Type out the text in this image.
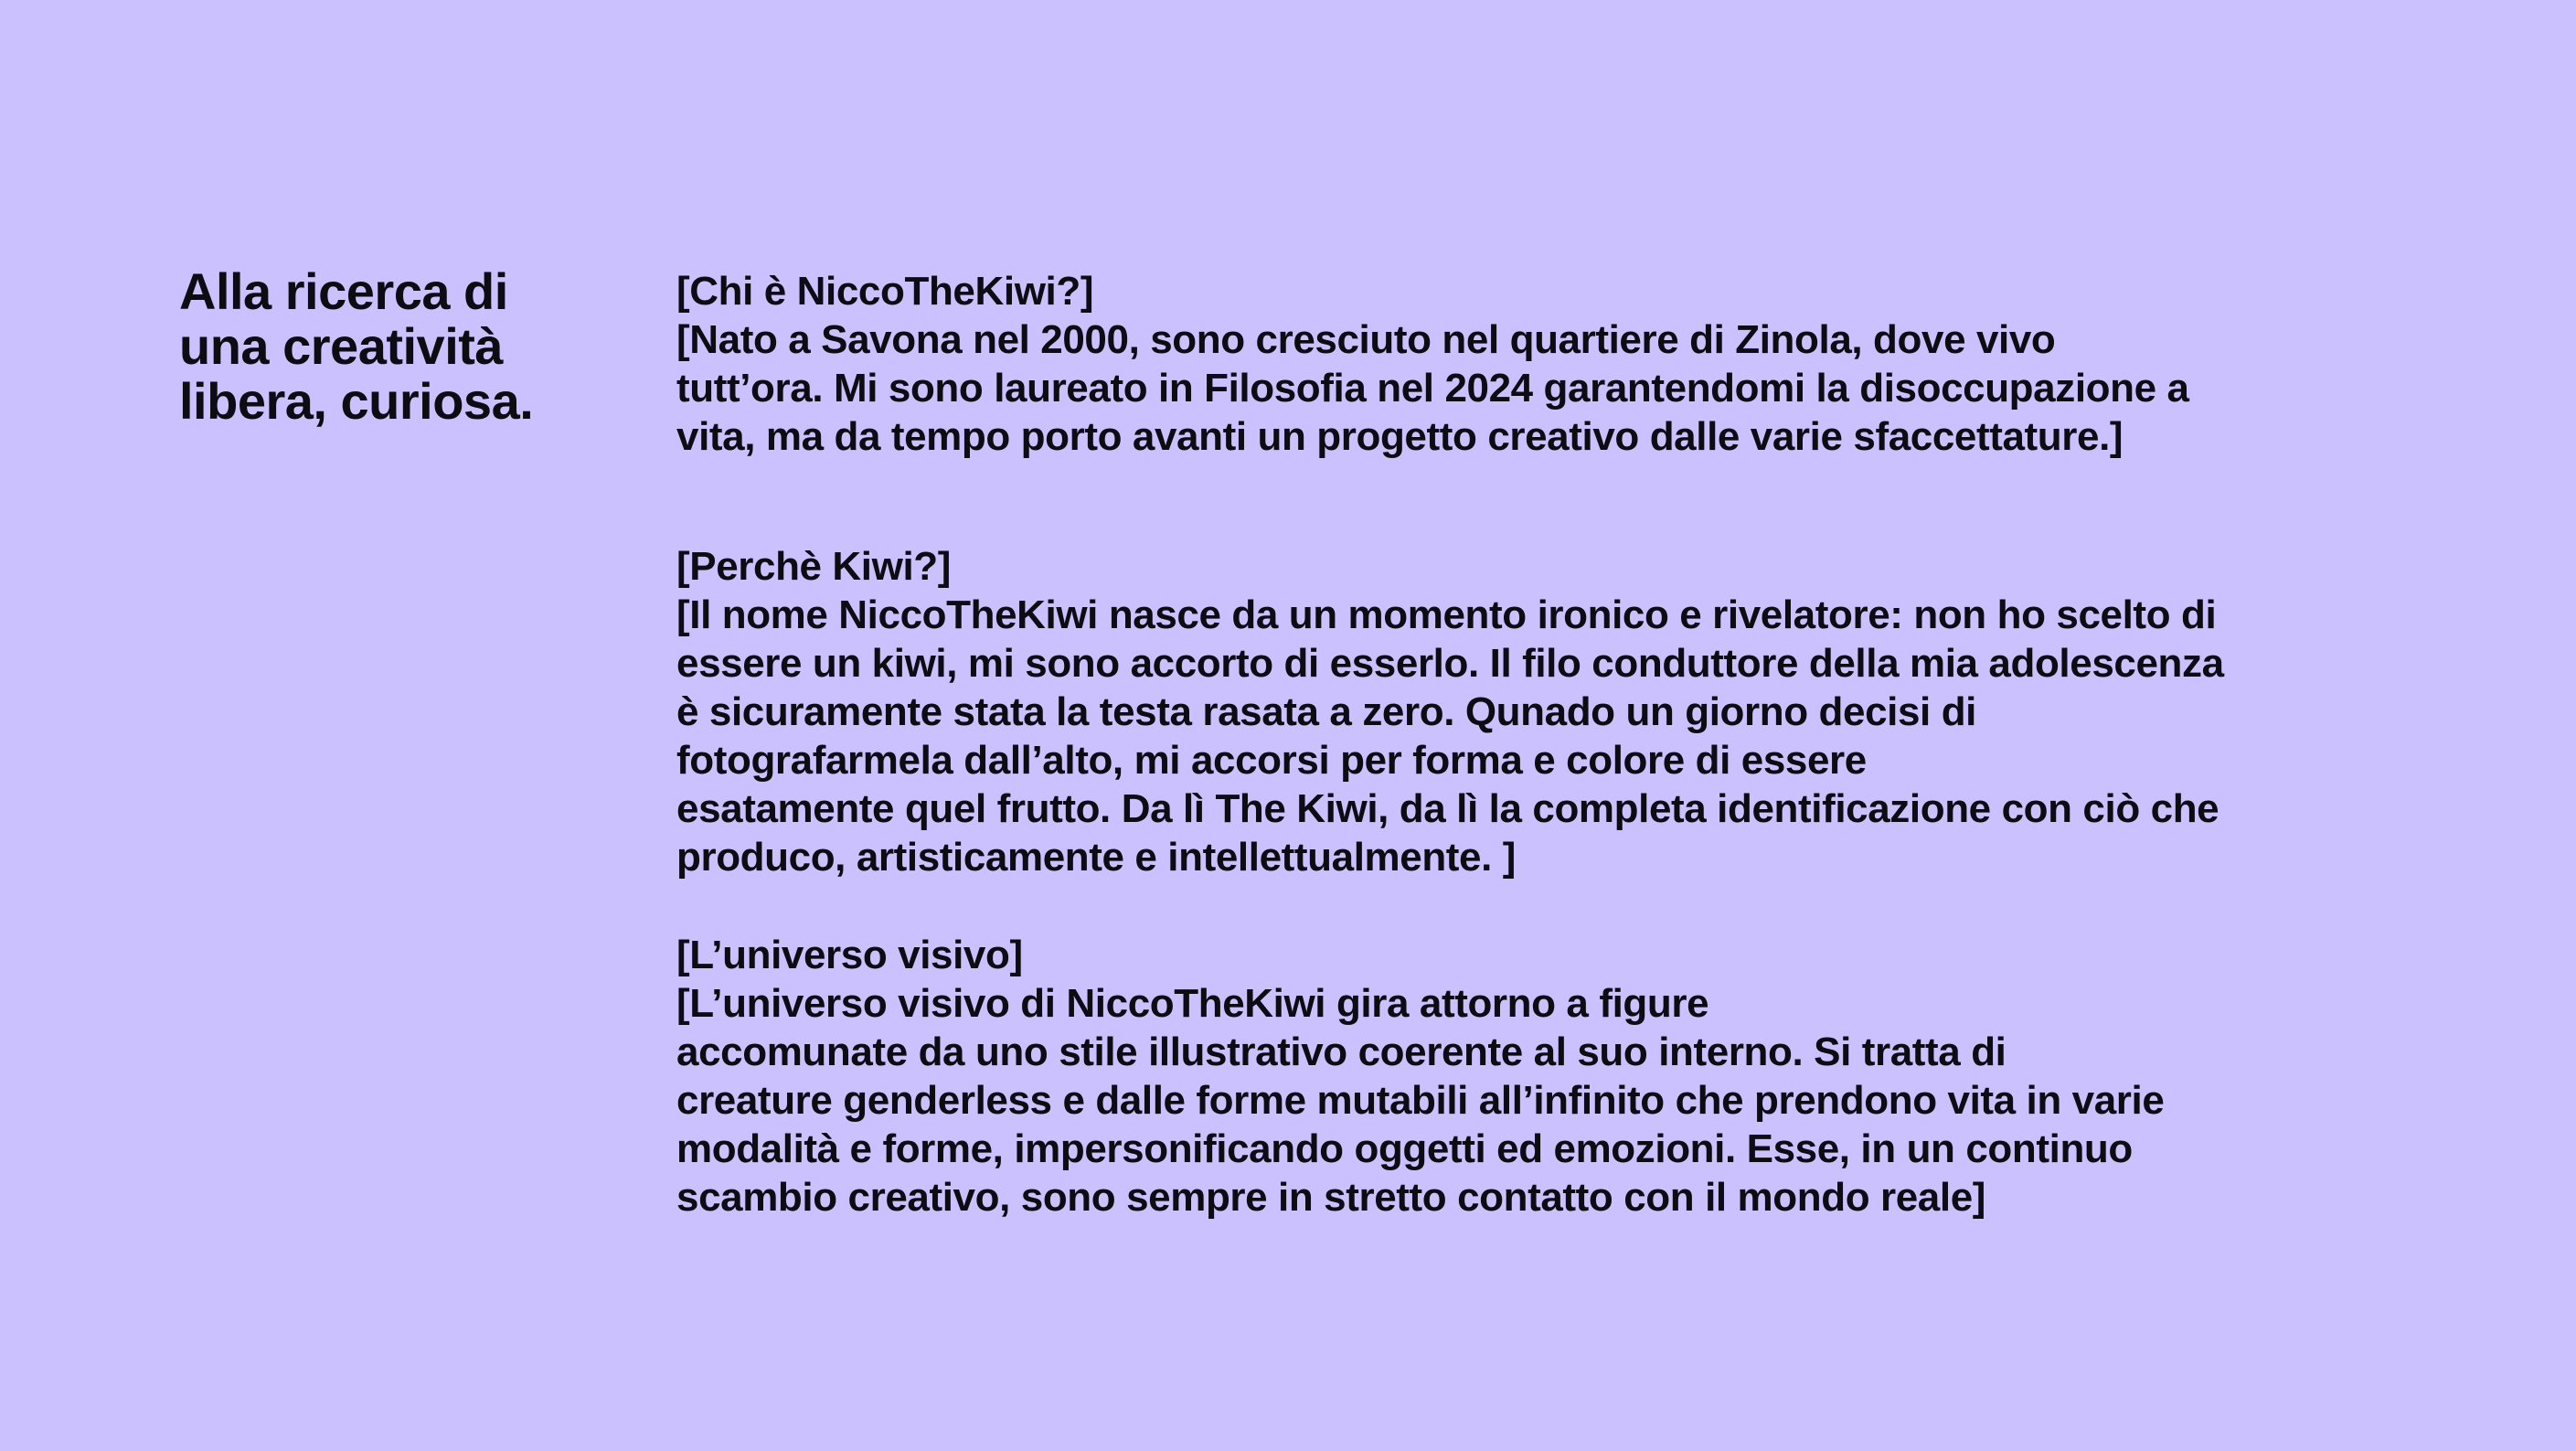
Alla ricerca di
una creatività
libera, curiosa.
[Chi è NiccoTheKiwi?]
[Nato a Savona nel 2000, sono cresciuto nel quartiere di Zinola, dove vivo
tutt’ora. Mi sono laureato in Filosofia nel 2024 garantendomi la disoccupazione a
vita, ma da tempo porto avanti un progetto creativo dalle varie sfaccettature.]
[Perchè Kiwi?]
[Il nome NiccoTheKiwi nasce da un momento ironico e rivelatore: non ho scelto di
essere un kiwi, mi sono accorto di esserlo. Il filo conduttore della mia adolescenza
è sicuramente stata la testa rasata a zero. Qunado un giorno decisi di
fotografarmela dall’alto, mi accorsi per forma e colore di essere
esatamente quel frutto. Da lì The Kiwi, da lì la completa identificazione con ciò che
produco, artisticamente e intellettualmente. ]
[L’universo visivo]
[L’universo visivo di NiccoTheKiwi gira attorno a figure
accomunate da uno stile illustrativo coerente al suo interno. Si tratta di
creature genderless e dalle forme mutabili all’infinito che prendono vita in varie
modalità e forme, impersonificando oggetti ed emozioni. Esse, in un continuo
scambio creativo, sono sempre in stretto contatto con il mondo reale]
